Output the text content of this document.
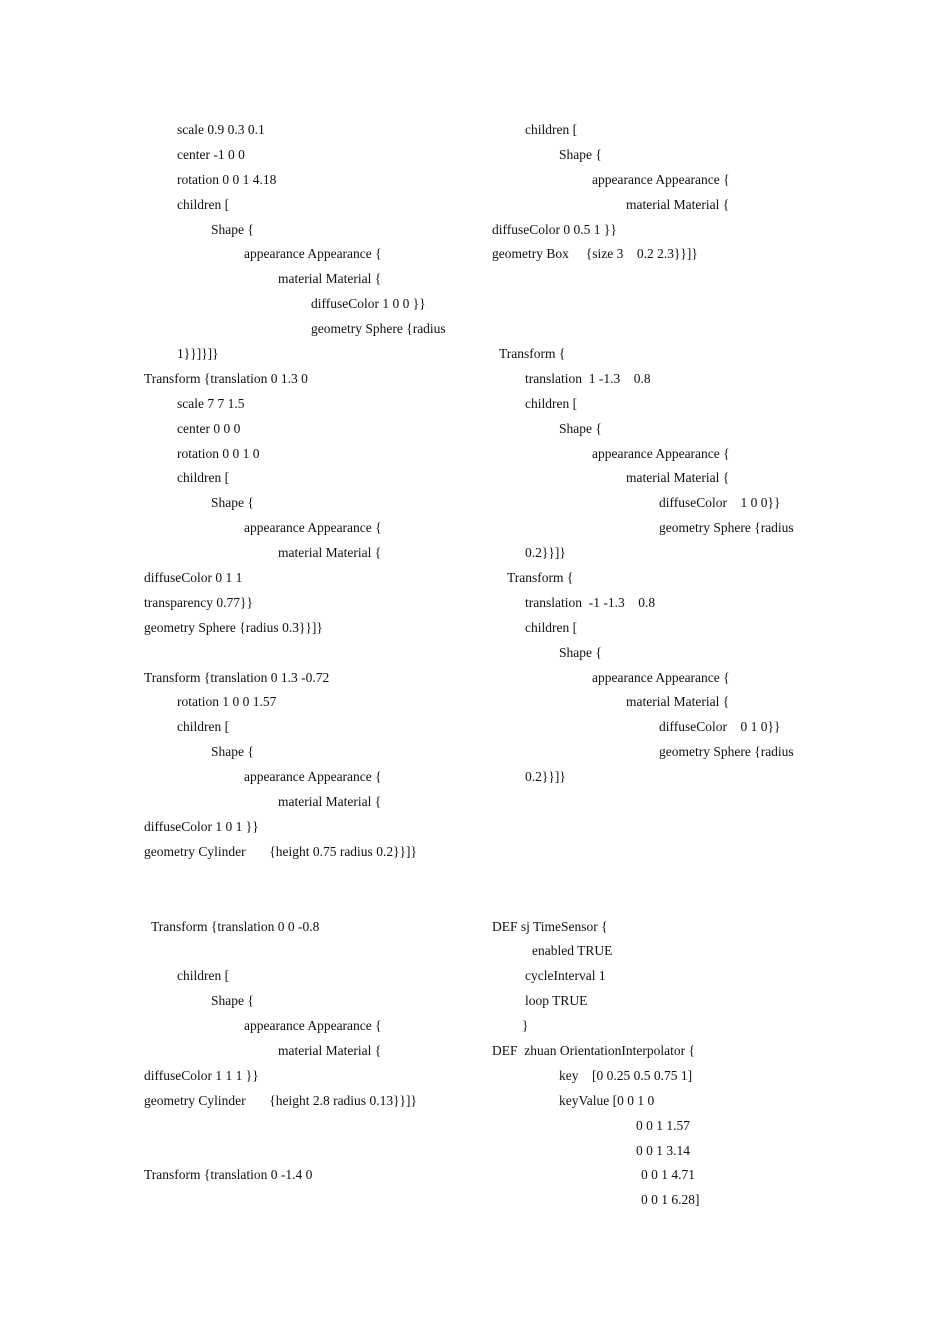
scale 0.9 0.3 0.1
center -1 0 0
rotation 0 0 1 4.18
children [
Shape {
appearance Appearance {
material Material {
diffuseColor 1 0 0 }}
geometry Sphere {radius
1}}]}]}
Transform {translation 0 1.3 0
scale 7 7 1.5
center 0 0 0
rotation 0 0 1 0
children [
Shape {
appearance Appearance {
material Material {
diffuseColor 0 1 1
transparency 0.77}}
geometry Sphere {radius 0.3}}]}
Transform {translation 0 1.3 -0.72
rotation 1 0 0 1.57
children [
Shape {
appearance Appearance {
material Material {
diffuseColor 1 0 1 }}
geometry Cylinder       {height 0.75 radius 0.2}}]}
Transform {translation 0 0 -0.8
children [
Shape {
appearance Appearance {
material Material {
diffuseColor 1 1 1 }}
geometry Cylinder       {height 2.8 radius 0.13}}]}
Transform {translation 0 -1.4 0
children [
Shape {
appearance Appearance {
material Material {
diffuseColor 0 0.5 1 }}
geometry Box     {size 3    0.2 2.3}}]}
Transform {
translation  1 -1.3    0.8
children [
Shape {
appearance Appearance {
material Material {
diffuseColor    1 0 0}}
geometry Sphere {radius
0.2}}]}
Transform {
translation  -1 -1.3    0.8
children [
Shape {
appearance Appearance {
material Material {
diffuseColor    0 1 0}}
geometry Sphere {radius
0.2}}]}
DEF sj TimeSensor {
enabled TRUE
cycleInterval 1
loop TRUE
}
DEF  zhuan OrientationInterpolator {
key    [0 0.25 0.5 0.75 1]
keyValue [0 0 1 0
0 0 1 1.57
0 0 1 3.14
0 0 1 4.71
0 0 1 6.28]
